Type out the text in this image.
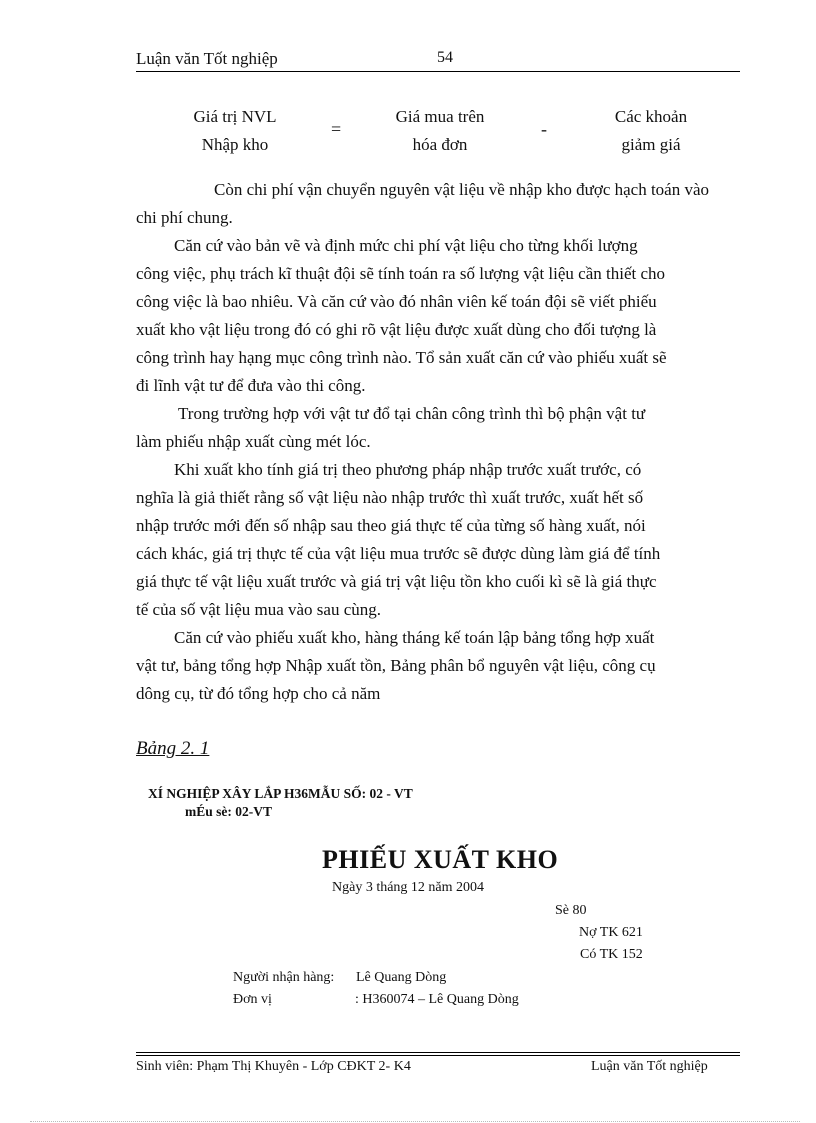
Luận văn Tốt nghiệp	54
Giá trị NVL
Nhập kho
=
Giá mua trên
hóa đơn
-
Các khoản
giảm giá
Còn chi phí vận chuyển nguyên vật liệu về nhập kho được hạch toán vào
chi phí chung.
Căn cứ vào bản vẽ và định mức chi phí vật liệu cho từng khối lượng
công việc, phụ trách kĩ thuật đội sẽ tính toán ra số lượng vật liệu cần thiết cho
công việc là bao nhiêu. Và căn cứ vào đó nhân viên kế toán đội sẽ viết phiếu
xuất kho vật liệu trong đó có ghi rõ vật liệu được xuất dùng cho đối tượng là
công trình hay hạng mục công trình nào. Tổ sản xuất căn cứ vào phiếu xuất sẽ
đi lĩnh vật tư để đưa vào thi công.
Trong trường hợp với vật tư đổ tại chân công trình thì bộ phận vật tư
làm phiếu nhập xuất cùng mét lóc.
Khi xuất kho tính giá trị theo phương pháp nhập trước xuất trước, có
nghĩa là giả thiết rằng số vật liệu nào nhập trước thì xuất trước, xuất hết số
nhập trước mới đến số nhập sau theo giá thực tế của từng số hàng xuất, nói
cách khác, giá trị thực tế của vật liệu mua trước sẽ được dùng làm giá để tính
giá thực tế vật liệu xuất trước và giá trị vật liệu tồn kho cuối kì sẽ là giá thực
tế của số vật liệu mua vào sau cùng.
Căn cứ vào phiếu xuất kho, hàng tháng kế toán lập bảng tổng hợp xuất
vật tư, bảng tổng hợp Nhập xuất tồn, Bảng phân bổ nguyên vật liệu, công cụ
dông cụ, từ đó tổng hợp cho cả năm
Bảng 2. 1
XÍ NGHIỆP XÂY LẮP H36MẪU SỐ: 02 - VT
mÉu sè: 02-VT
PHIẾU XUẤT KHO
Ngày 3 tháng 12 năm 2004
Sè 80
Nợ TK 621
Có TK 152
Người nhận hàng: Lê Quang Dòng
Đơn vị	: H360074 – Lê Quang Dòng
Sinh viên: Phạm Thị Khuyên - Lớp CĐKT 2- K4	Luận văn Tốt nghiệp
